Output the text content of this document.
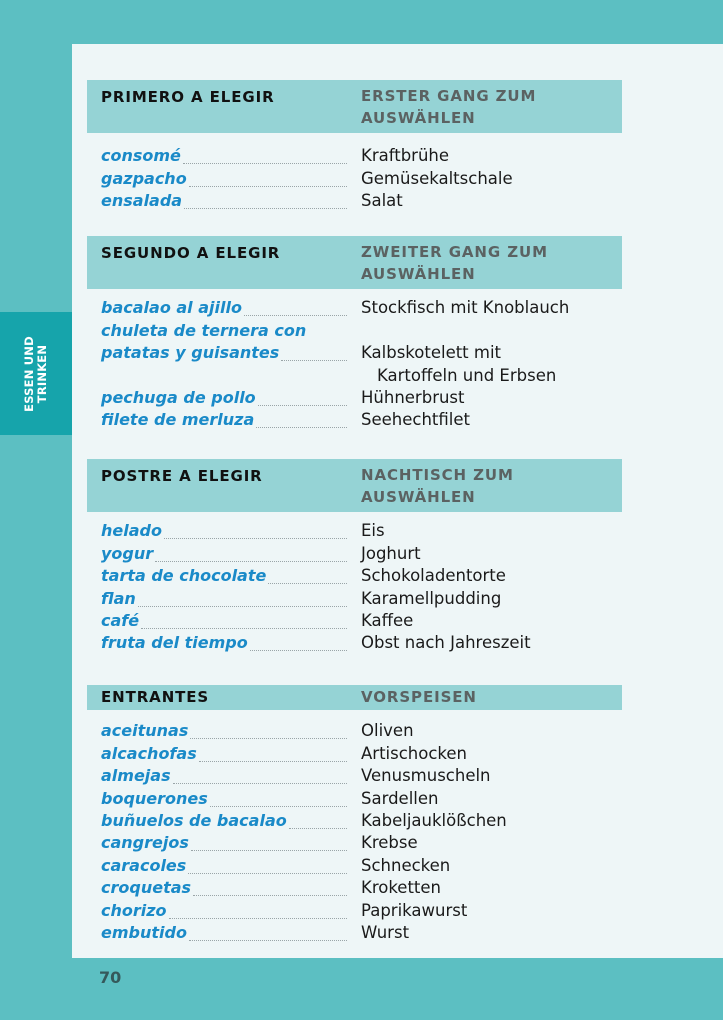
ESSEN UND TRINKEN
PRIMERO A ELEGIR	ERSTER GANG ZUM
AUSWÄHLEN
consomé	Kraftbrühe
gazpacho	Gemüsekaltschale
ensalada	Salat
SEGUNDO A ELEGIR	ZWEITER GANG ZUM
AUSWÄHLEN
bacalao al ajillo	Stockfisch mit Knoblauch
chuleta de ternera con
patatas y guisantes	Kalbskotelett mit
Kartoffeln und Erbsen
pechuga de pollo	Hühnerbrust
filete de merluza	Seehechtfilet
POSTRE A ELEGIR	NACHTISCH ZUM
AUSWÄHLEN
helado	Eis
yogur	Joghurt
tarta de chocolate	Schokoladentorte
flan	Karamellpudding
café	Kaffee
fruta del tiempo	Obst nach Jahreszeit
ENTRANTES	VORSPEISEN
aceitunas	Oliven
alcachofas	Artischocken
almejas	Venusmuscheln
boquerones	Sardellen
buñuelos de bacalao	Kabeljauklößchen
cangrejos	Krebse
caracoles	Schnecken
croquetas	Kroketten
chorizo	Paprikawurst
embutido	Wurst
70
